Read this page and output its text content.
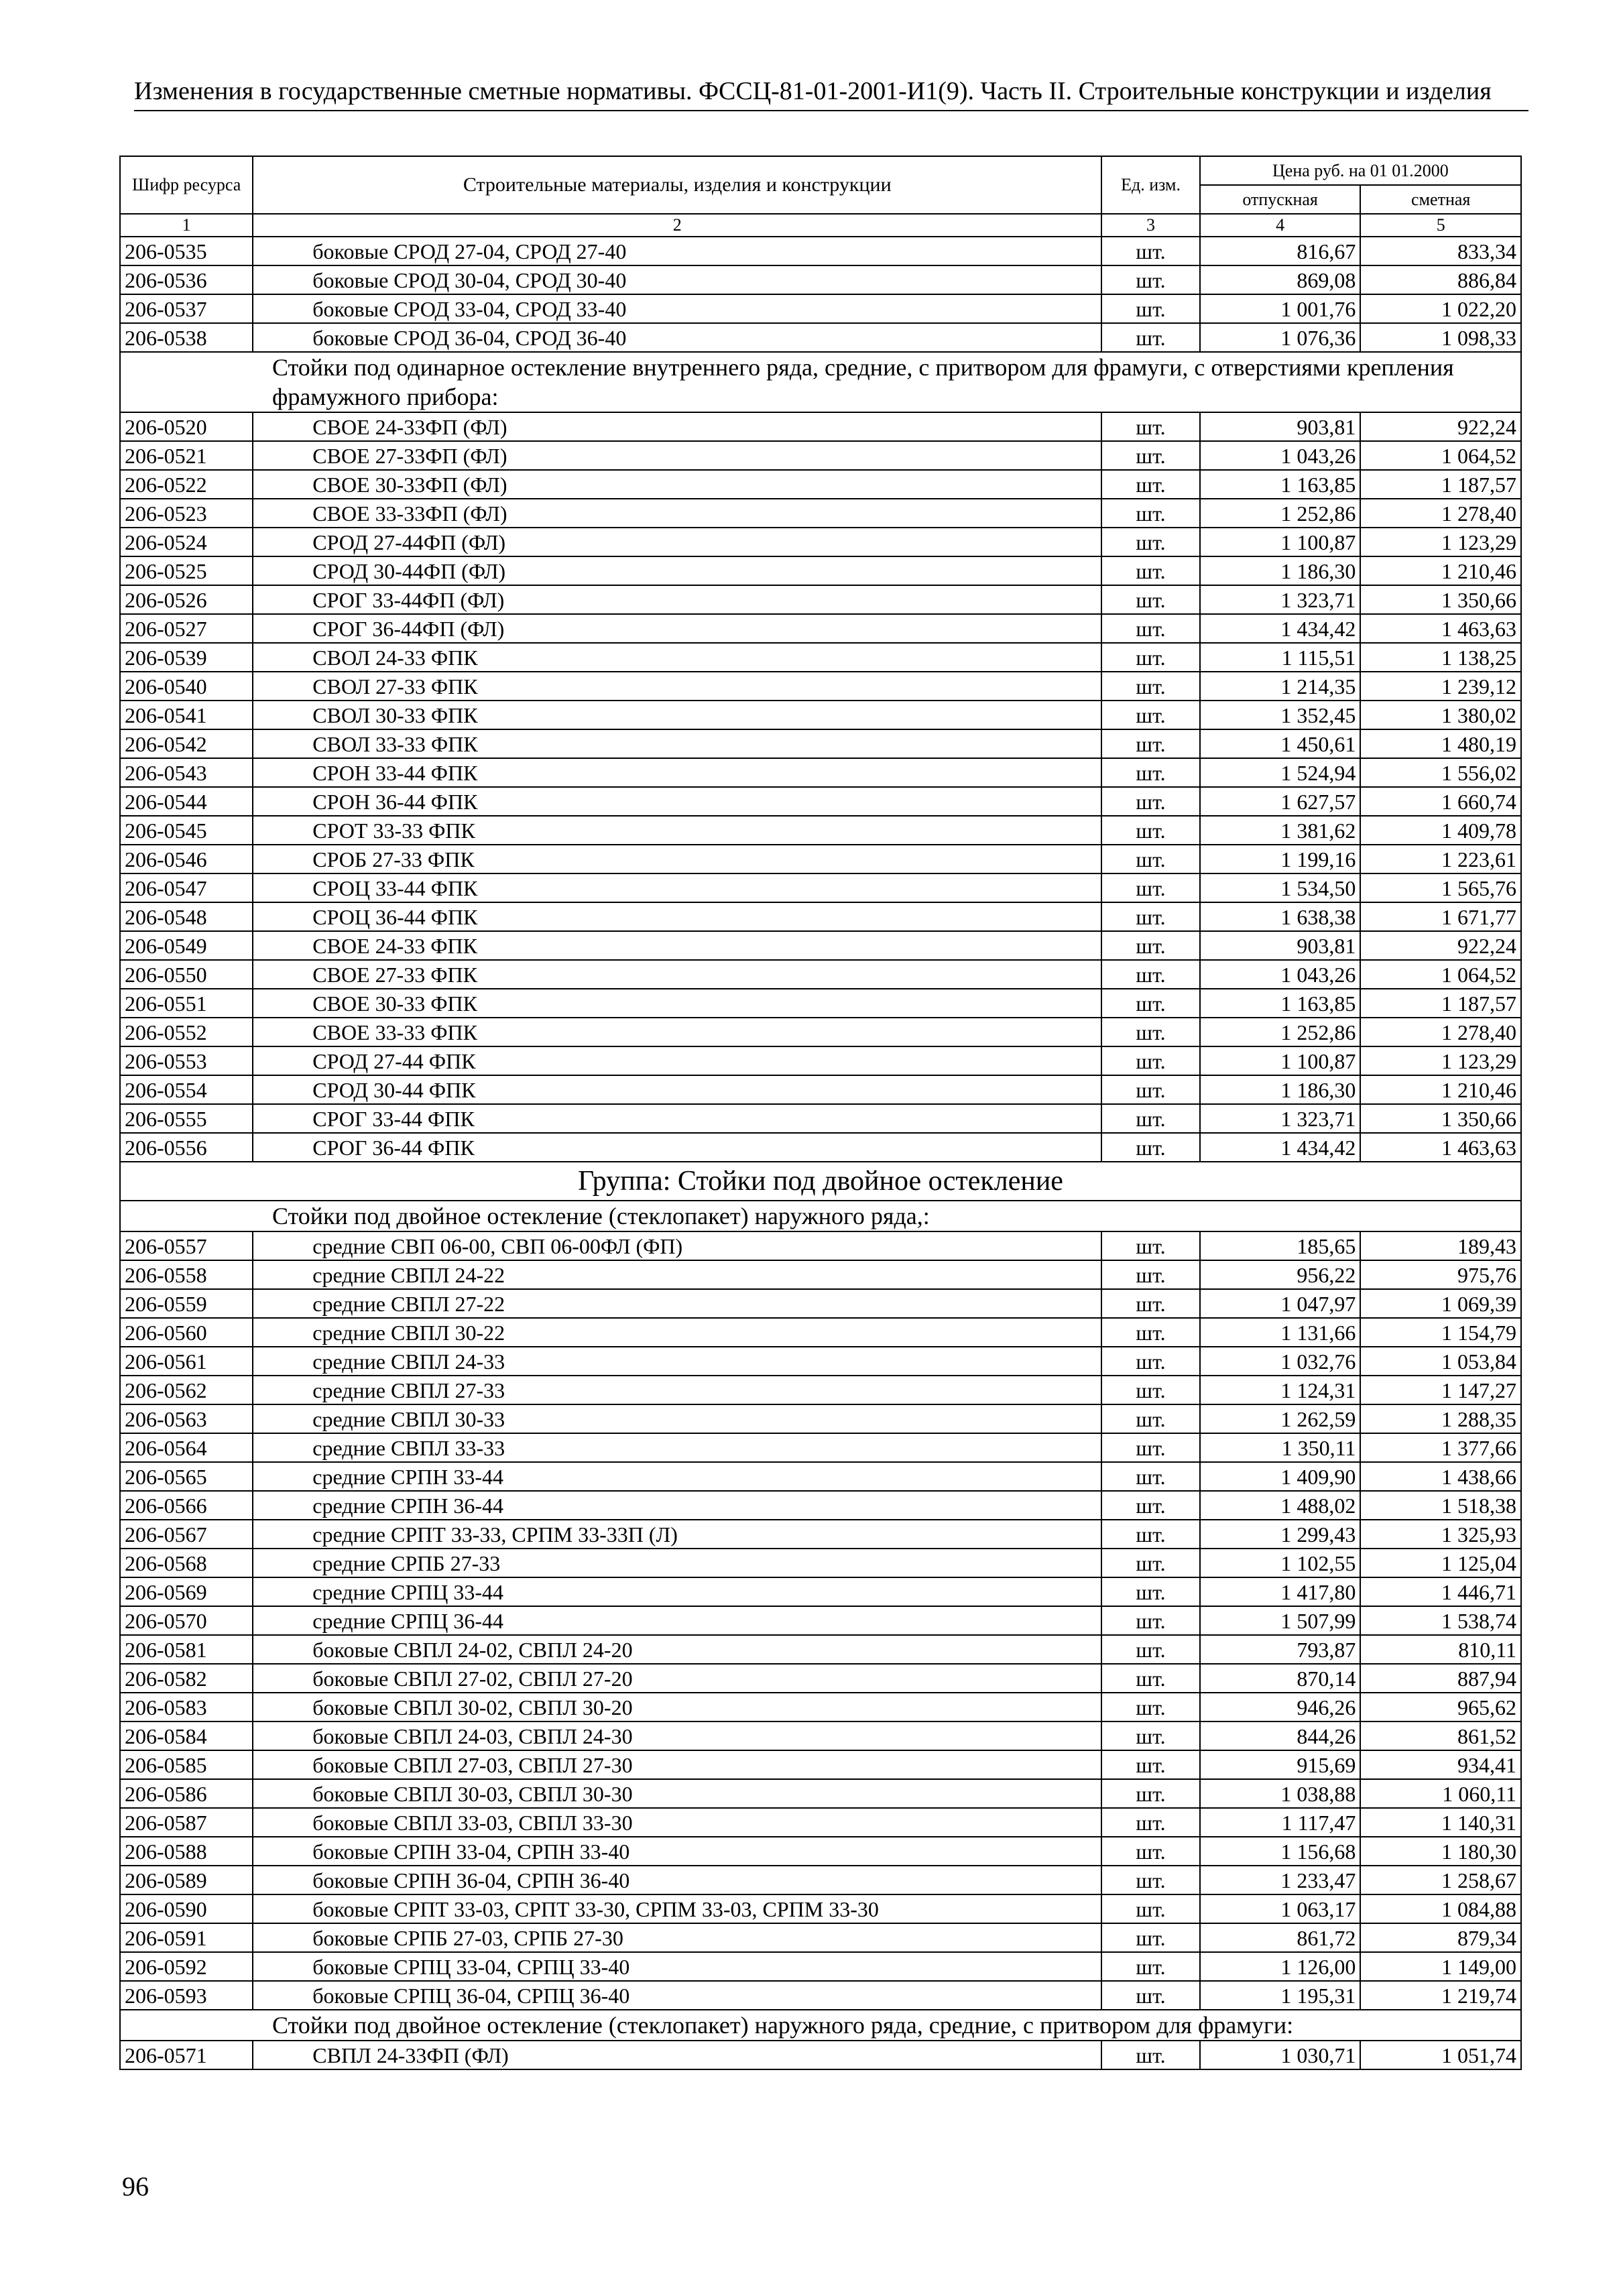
Изменения в государственные сметные нормативы. ФССЦ-81-01-2001-И1(9). Часть II. Строительные конструкции и изделия
Шифр ресурса	Строительные материалы, изделия и конструкции	Ед. изм.	Цена руб. на 01 01.2000	
			отпускная	сметная
1	2	3	4	5
206-0535	боковые СРОД 27-04, СРОД 27-40	шт.	816,67	833,34
206-0536	боковые СРОД 30-04, СРОД 30-40	шт.	869,08	886,84
206-0537	боковые СРОД 33-04, СРОД 33-40	шт.	1 001,76	1 022,20
206-0538	боковые СРОД 36-04, СРОД 36-40	шт.	1 076,36	1 098,33
Стойки под одинарное остекление внутреннего ряда, средние, с притвором для фрамуги, с отверстиями крепления фрамужного прибора:				
206-0520	СВОЕ 24-33ФП (ФЛ)	шт.	903,81	922,24
206-0521	СВОЕ 27-33ФП (ФЛ)	шт.	1 043,26	1 064,52
206-0522	СВОЕ 30-33ФП (ФЛ)	шт.	1 163,85	1 187,57
206-0523	СВОЕ 33-33ФП (ФЛ)	шт.	1 252,86	1 278,40
206-0524	СРОД 27-44ФП (ФЛ)	шт.	1 100,87	1 123,29
206-0525	СРОД 30-44ФП (ФЛ)	шт.	1 186,30	1 210,46
206-0526	СРОГ 33-44ФП (ФЛ)	шт.	1 323,71	1 350,66
206-0527	СРОГ 36-44ФП (ФЛ)	шт.	1 434,42	1 463,63
206-0539	СВОЛ 24-33 ФПК	шт.	1 115,51	1 138,25
206-0540	СВОЛ 27-33 ФПК	шт.	1 214,35	1 239,12
206-0541	СВОЛ 30-33 ФПК	шт.	1 352,45	1 380,02
206-0542	СВОЛ 33-33 ФПК	шт.	1 450,61	1 480,19
206-0543	СРОН 33-44 ФПК	шт.	1 524,94	1 556,02
206-0544	СРОН 36-44 ФПК	шт.	1 627,57	1 660,74
206-0545	СРОТ 33-33 ФПК	шт.	1 381,62	1 409,78
206-0546	СРОБ 27-33 ФПК	шт.	1 199,16	1 223,61
206-0547	СРОЦ 33-44 ФПК	шт.	1 534,50	1 565,76
206-0548	СРОЦ 36-44 ФПК	шт.	1 638,38	1 671,77
206-0549	СВОЕ 24-33 ФПК	шт.	903,81	922,24
206-0550	СВОЕ 27-33 ФПК	шт.	1 043,26	1 064,52
206-0551	СВОЕ 30-33 ФПК	шт.	1 163,85	1 187,57
206-0552	СВОЕ 33-33 ФПК	шт.	1 252,86	1 278,40
206-0553	СРОД 27-44 ФПК	шт.	1 100,87	1 123,29
206-0554	СРОД 30-44 ФПК	шт.	1 186,30	1 210,46
206-0555	СРОГ 33-44 ФПК	шт.	1 323,71	1 350,66
206-0556	СРОГ 36-44 ФПК	шт.	1 434,42	1 463,63
Группа: Стойки под двойное остекление				
Стойки под двойное остекление (стеклопакет) наружного ряда,:				
206-0557	средние СВП 06-00, СВП 06-00ФЛ (ФП)	шт.	185,65	189,43
206-0558	средние СВПЛ 24-22	шт.	956,22	975,76
206-0559	средние СВПЛ 27-22	шт.	1 047,97	1 069,39
206-0560	средние СВПЛ 30-22	шт.	1 131,66	1 154,79
206-0561	средние СВПЛ 24-33	шт.	1 032,76	1 053,84
206-0562	средние СВПЛ 27-33	шт.	1 124,31	1 147,27
206-0563	средние СВПЛ 30-33	шт.	1 262,59	1 288,35
206-0564	средние СВПЛ 33-33	шт.	1 350,11	1 377,66
206-0565	средние СРПН 33-44	шт.	1 409,90	1 438,66
206-0566	средние СРПН 36-44	шт.	1 488,02	1 518,38
206-0567	средние СРПТ 33-33, СРПМ 33-33П (Л)	шт.	1 299,43	1 325,93
206-0568	средние СРПБ 27-33	шт.	1 102,55	1 125,04
206-0569	средние СРПЦ 33-44	шт.	1 417,80	1 446,71
206-0570	средние СРПЦ 36-44	шт.	1 507,99	1 538,74
206-0581	боковые СВПЛ 24-02, СВПЛ 24-20	шт.	793,87	810,11
206-0582	боковые СВПЛ 27-02, СВПЛ 27-20	шт.	870,14	887,94
206-0583	боковые СВПЛ 30-02, СВПЛ 30-20	шт.	946,26	965,62
206-0584	боковые СВПЛ 24-03, СВПЛ 24-30	шт.	844,26	861,52
206-0585	боковые СВПЛ 27-03, СВПЛ 27-30	шт.	915,69	934,41
206-0586	боковые СВПЛ 30-03, СВПЛ 30-30	шт.	1 038,88	1 060,11
206-0587	боковые СВПЛ 33-03, СВПЛ 33-30	шт.	1 117,47	1 140,31
206-0588	боковые СРПН 33-04, СРПН 33-40	шт.	1 156,68	1 180,30
206-0589	боковые СРПН 36-04, СРПН 36-40	шт.	1 233,47	1 258,67
206-0590	боковые СРПТ 33-03, СРПТ 33-30, СРПМ 33-03, СРПМ 33-30	шт.	1 063,17	1 084,88
206-0591	боковые СРПБ 27-03, СРПБ 27-30	шт.	861,72	879,34
206-0592	боковые СРПЦ 33-04, СРПЦ 33-40	шт.	1 126,00	1 149,00
206-0593	боковые СРПЦ 36-04, СРПЦ 36-40	шт.	1 195,31	1 219,74
Стойки под двойное остекление (стеклопакет) наружного ряда, средние, с притвором для фрамуги:				
206-0571	СВПЛ 24-33ФП (ФЛ)	шт.	1 030,71	1 051,74
96
